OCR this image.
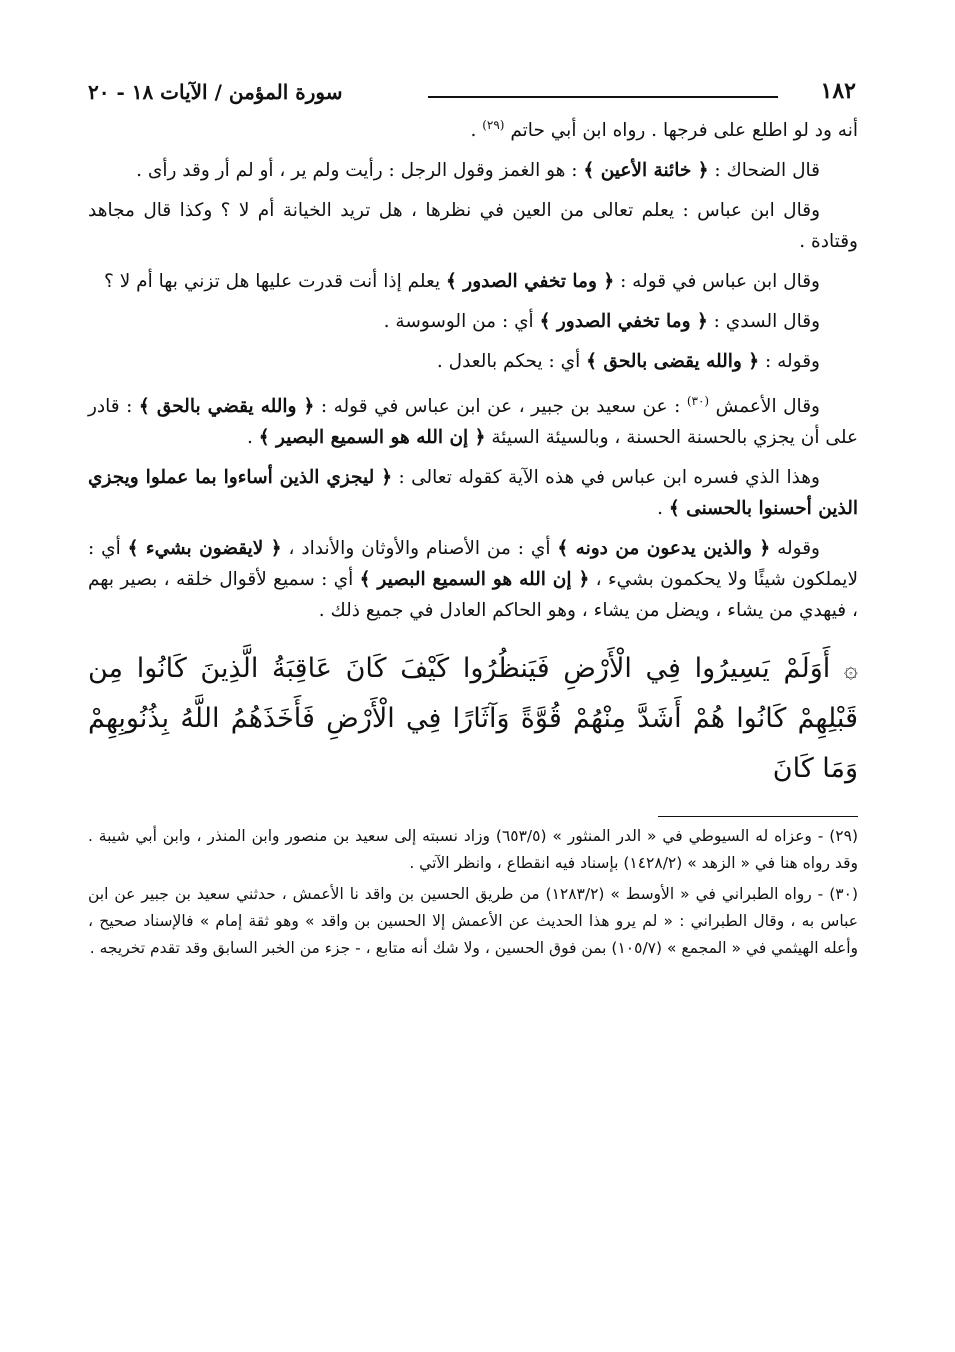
١٨٢
سورة المؤمن / الآيات ١٨ - ٢٠

أنه ود لو اطلع على فرجها . رواه ابن أبي حاتم $^{(٢٩)}$ .

قال الضحاك : ﴿ خائنة الأعين ﴾ : هو الغمز وقول الرجل : رأيت ولم ير ، أو لم أر وقد رأى .

وقال ابن عباس : يعلم تعالى من العين في نظرها ، هل تريد الخيانة أم لا ؟ وكذا قال مجاهد وقتادة .

وقال ابن عباس في قوله : ﴿ وما تخفي الصدور ﴾ يعلم إذا أنت قدرت عليها هل تزني بها أم لا ؟

وقال السدي : ﴿ وما تخفي الصدور ﴾ أي : من الوسوسة .

وقوله : ﴿ والله يقضى بالحق ﴾ أي : يحكم بالعدل .

وقال الأعمش $^{(٣٠)}$ : عن سعيد بن جبير ، عن ابن عباس في قوله : ﴿ والله يقضي بالحق ﴾ : قادر على أن يجزي بالحسنة الحسنة ، وبالسيئة السيئة ﴿ إن الله هو السميع البصير ﴾ .

وهذا الذي فسره ابن عباس في هذه الآية كقوله تعالى : ﴿ ليجزي الذين أساءوا بما عملوا ويجزي الذين أحسنوا بالحسنى ﴾ .

وقوله ﴿ والذين يدعون من دونه ﴾ أي : من الأصنام والأوثان والأنداد ، ﴿ لايقضون بشيء ﴾ أي : لايملكون شيئًا ولا يحكمون بشيء ، ﴿ إن الله هو السميع البصير ﴾ أي : سميع لأقوال خلقه ، بصير بهم ، فيهدي من يشاء ، ويضل من يشاء ، وهو الحاكم العادل في جميع ذلك .

۞ أَوَلَمْ يَسِيرُوا فِي الْأَرْضِ فَيَنظُرُوا كَيْفَ كَانَ عَاقِبَةُ الَّذِينَ كَانُوا مِن قَبْلِهِمْ كَانُوا هُمْ أَشَدَّ مِنْهُمْ قُوَّةً وَآثَارًا فِي الْأَرْضِ فَأَخَذَهُمُ اللَّهُ بِذُنُوبِهِمْ وَمَا كَانَ

(٢٩) - وعزاه له السيوطي في « الدر المنثور » (٦٥٣/٥) وزاد نسبته إلى سعيد بن منصور وابن المنذر ، وابن أبي شيبة . وقد رواه هنا في « الزهد » (١٤٢٨/٢) بإسناد فيه انقطاع ، وانظر الآتي .

(٣٠) - رواه الطبراني في « الأوسط » (١٢٨٣/٢) من طريق الحسين بن واقد نا الأعمش ، حدثني سعيد بن جبير عن ابن عباس به ، وقال الطبراني : « لم يرو هذا الحديث عن الأعمش إلا الحسين بن واقد » وهو ثقة إمام » فالإسناد صحيح ، وأعله الهيثمي في « المجمع » (١٠٥/٧) بمن فوق الحسين ، ولا شك أنه متابع ، - جزء من الخبر السابق وقد تقدم تخريجه .
